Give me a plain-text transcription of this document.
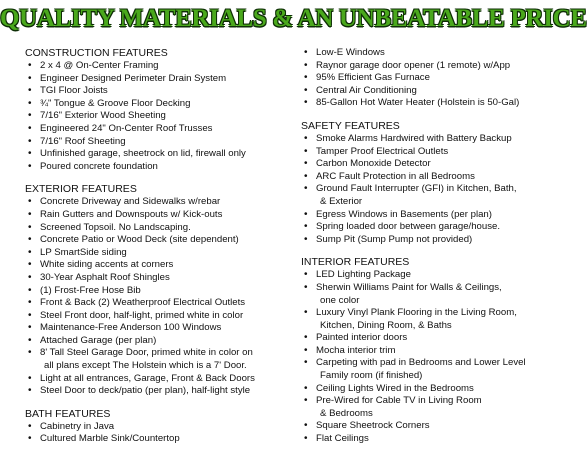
QUALITY MATERIALS & AN UNBEATABLE PRICE
CONSTRUCTION FEATURES
• 2 x 4 @ On-Center Framing
• Engineer Designed Perimeter Drain System
• TGI Floor Joists
• ¾" Tongue & Groove Floor Decking
• 7/16" Exterior Wood Sheeting
• Engineered 24" On-Center Roof Trusses
• 7/16" Roof Sheeting
• Unfinished garage, sheetrock on lid, firewall only
• Poured concrete foundation
EXTERIOR FEATURES
• Concrete Driveway and Sidewalks w/rebar
• Rain Gutters and Downspouts w/ Kick-outs
• Screened Topsoil. No Landscaping.
• Concrete Patio or Wood Deck (site dependent)
• LP SmartSide siding
• White siding accents at corners
• 30-Year Asphalt Roof Shingles
• (1) Frost-Free Hose Bib
• Front & Back (2) Weatherproof Electrical Outlets
• Steel Front door, half-light, primed white in color
• Maintenance-Free Anderson 100 Windows
• Attached Garage (per plan)
• 8' Tall Steel Garage Door, primed white in color on
all plans except The Holstein which is a 7' Door.
• Light at all entrances, Garage, Front & Back Doors
• Steel Door to deck/patio (per plan), half-light style
BATH FEATURES
• Cabinetry in Java
• Cultured Marble Sink/Countertop
• Low-E Windows
• Raynor garage door opener (1 remote) w/App
• 95% Efficient Gas Furnace
• Central Air Conditioning
• 85-Gallon Hot Water Heater (Holstein is 50-Gal)
SAFETY FEATURES
• Smoke Alarms Hardwired with Battery Backup
• Tamper Proof Electrical Outlets
• Carbon Monoxide Detector
• ARC Fault Protection in all Bedrooms
• Ground Fault Interrupter (GFI) in Kitchen, Bath,
& Exterior
• Egress Windows in Basements (per plan)
• Spring loaded door between garage/house.
• Sump Pit (Sump Pump not provided)
INTERIOR FEATURES
• LED Lighting Package
• Sherwin Williams Paint for Walls & Ceilings,
one color
• Luxury Vinyl Plank Flooring in the Living Room,
Kitchen, Dining Room, & Baths
• Painted interior doors
• Mocha interior trim
• Carpeting with pad in Bedrooms and Lower Level
Family room (if finished)
• Ceiling Lights Wired in the Bedrooms
• Pre-Wired for Cable TV in Living Room
& Bedrooms
• Square Sheetrock Corners
• Flat Ceilings
